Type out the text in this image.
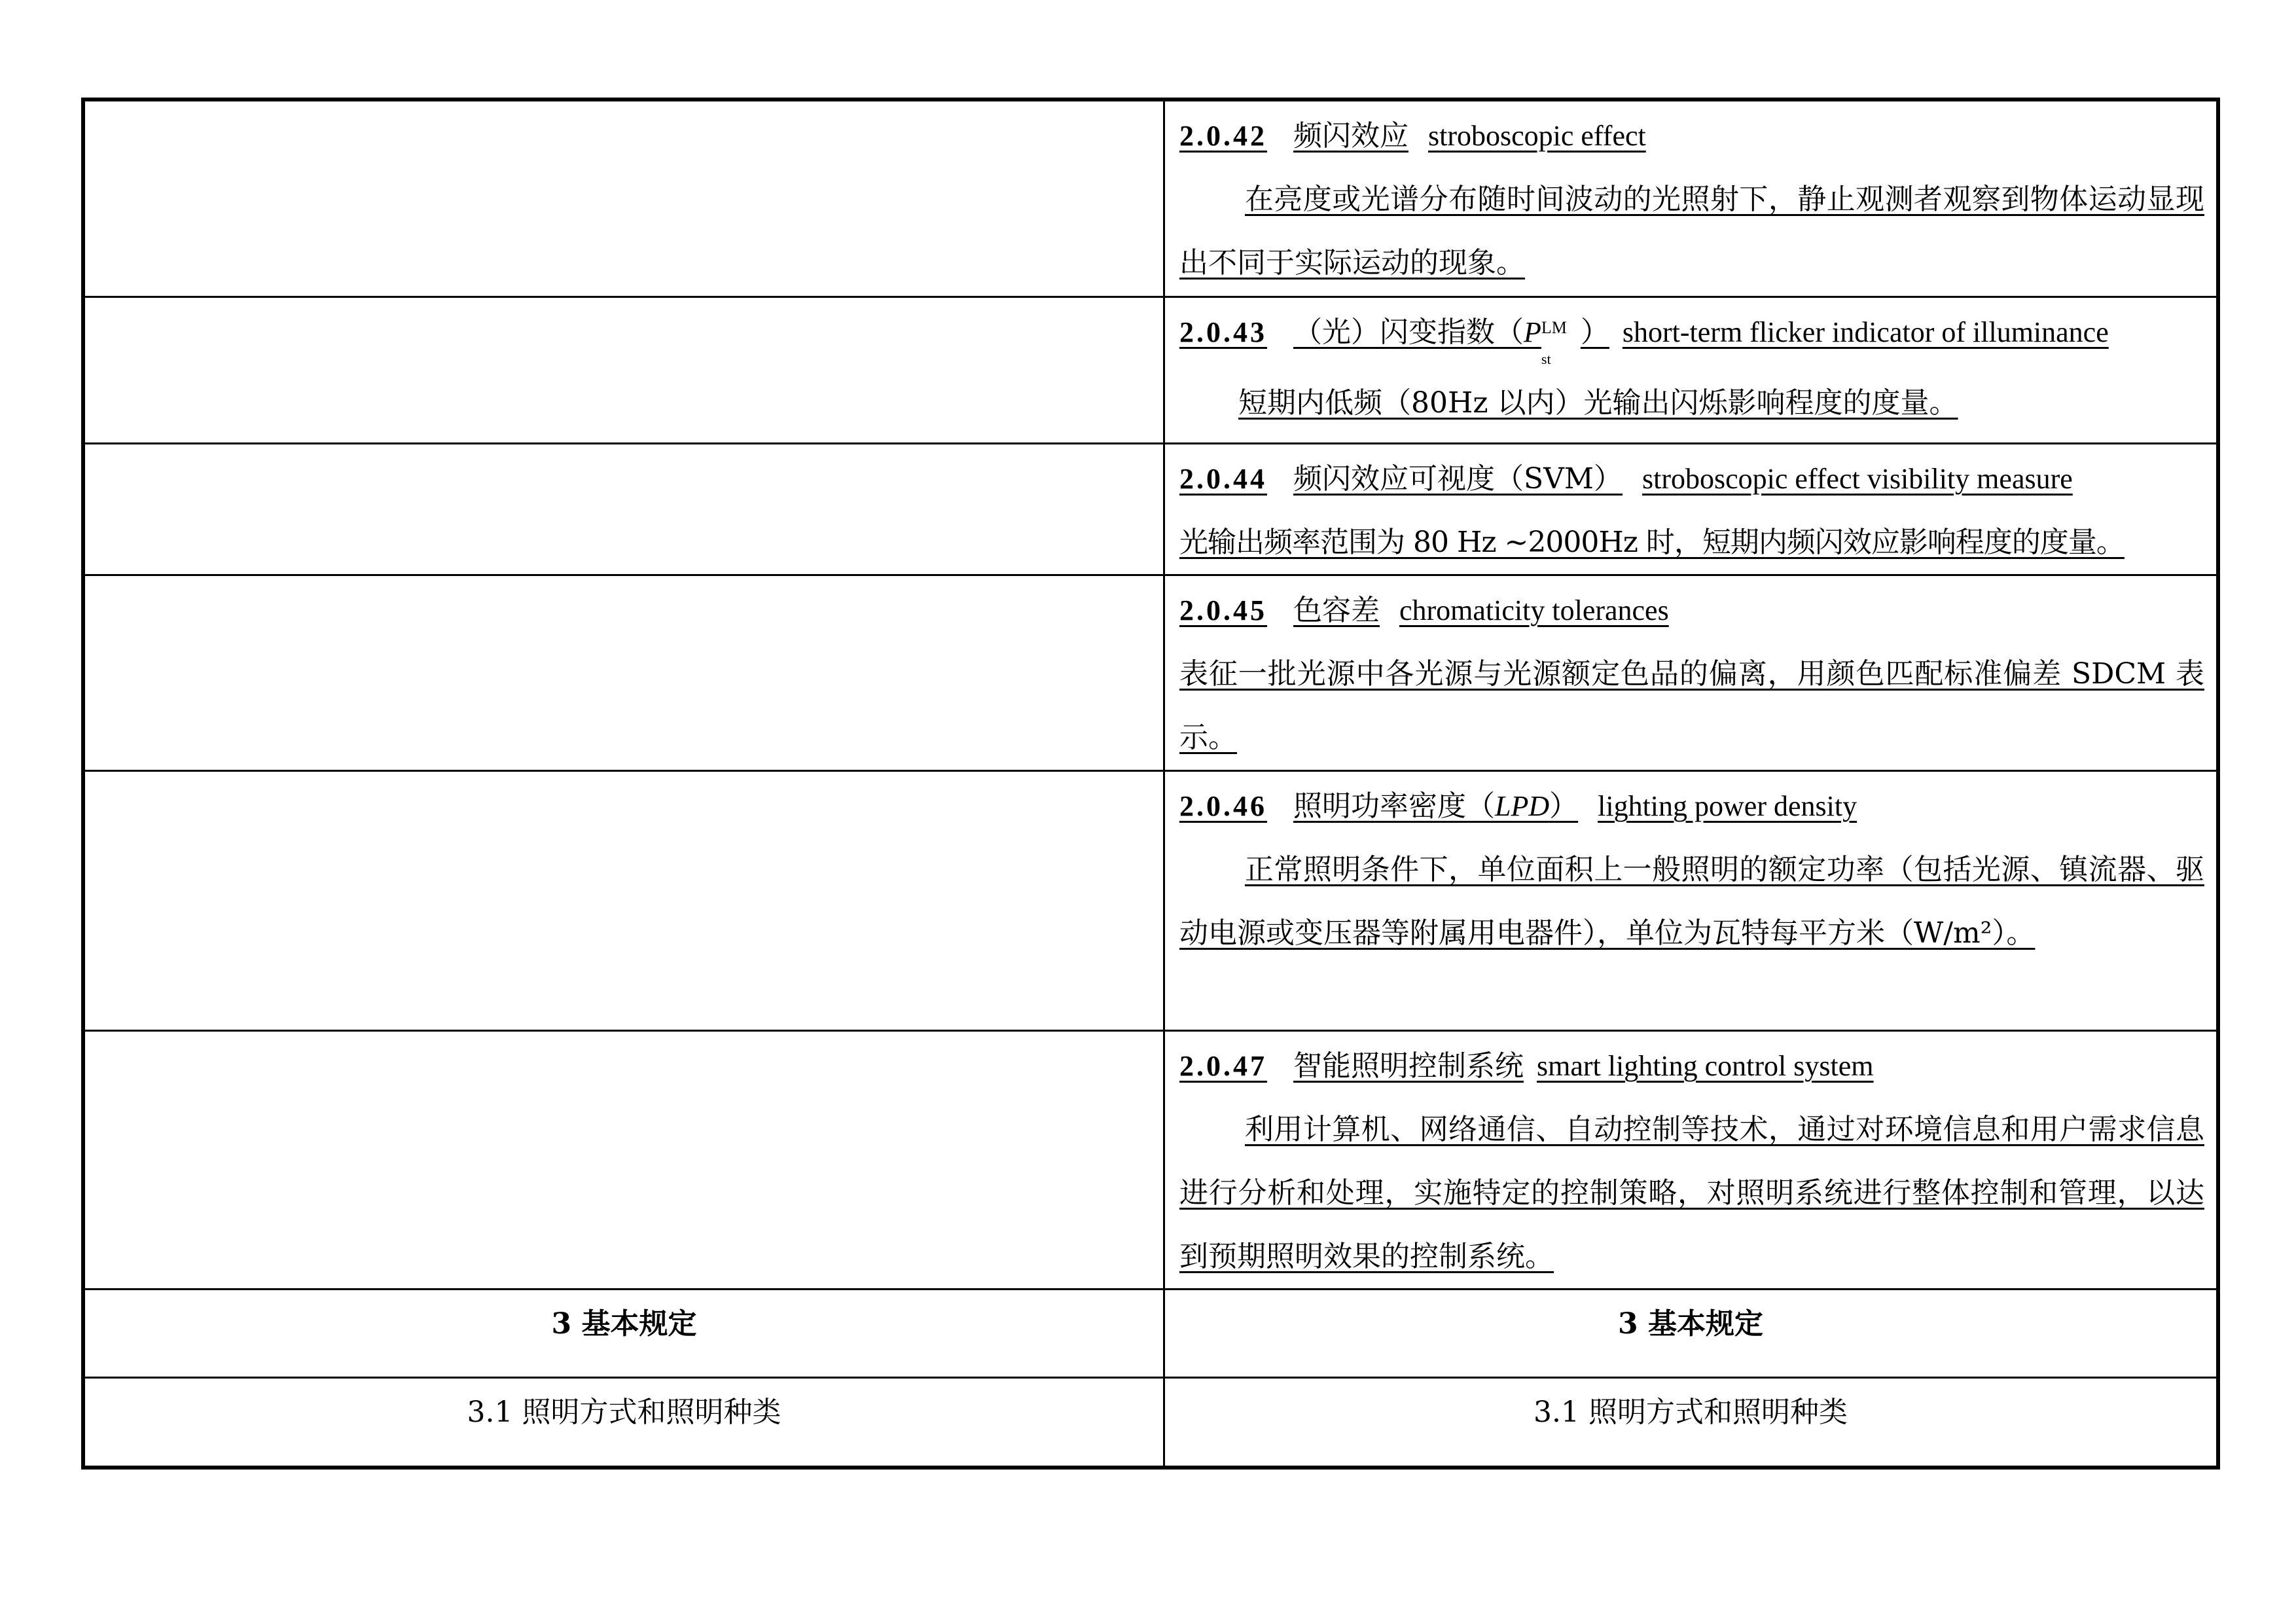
	2.0.42 频闪效应 stroboscopic effect
在亮度或光谱分布随时间波动的光照射下，静止观测者观察到物体运动显现出不同于实际运动的现象。

	2.0.43 （光）闪变指数（P LM
st
） short-term flicker indicator of illuminance
短期内低频（80Hz 以内）光输出闪烁影响程度的度量。

	2.0.44 频闪效应可视度（SVM） stroboscopic effect visibility measure
光输出频率范围为 80 Hz ~2000Hz 时，短期内频闪效应影响程度的度量。

	2.0.45 色容差 chromaticity tolerances
表征一批光源中各光源与光源额定色品的偏离，用颜色匹配标准偏差 SDCM 表示。

	2.0.46 照明功率密度（LPD） lighting power density
正常照明条件下，单位面积上一般照明的额定功率（包括光源、镇流器、驱动电源或变压器等附属用电器件），单位为瓦特每平方米（W/m²）。

	2.0.47 智能照明控制系统 smart lighting control system
利用计算机、网络通信、自动控制等技术，通过对环境信息和用户需求信息进行分析和处理，实施特定的控制策略，对照明系统进行整体控制和管理，以达到预期照明效果的控制系统。

3 基本规定	3 基本规定

3.1 照明方式和照明种类	3.1 照明方式和照明种类
